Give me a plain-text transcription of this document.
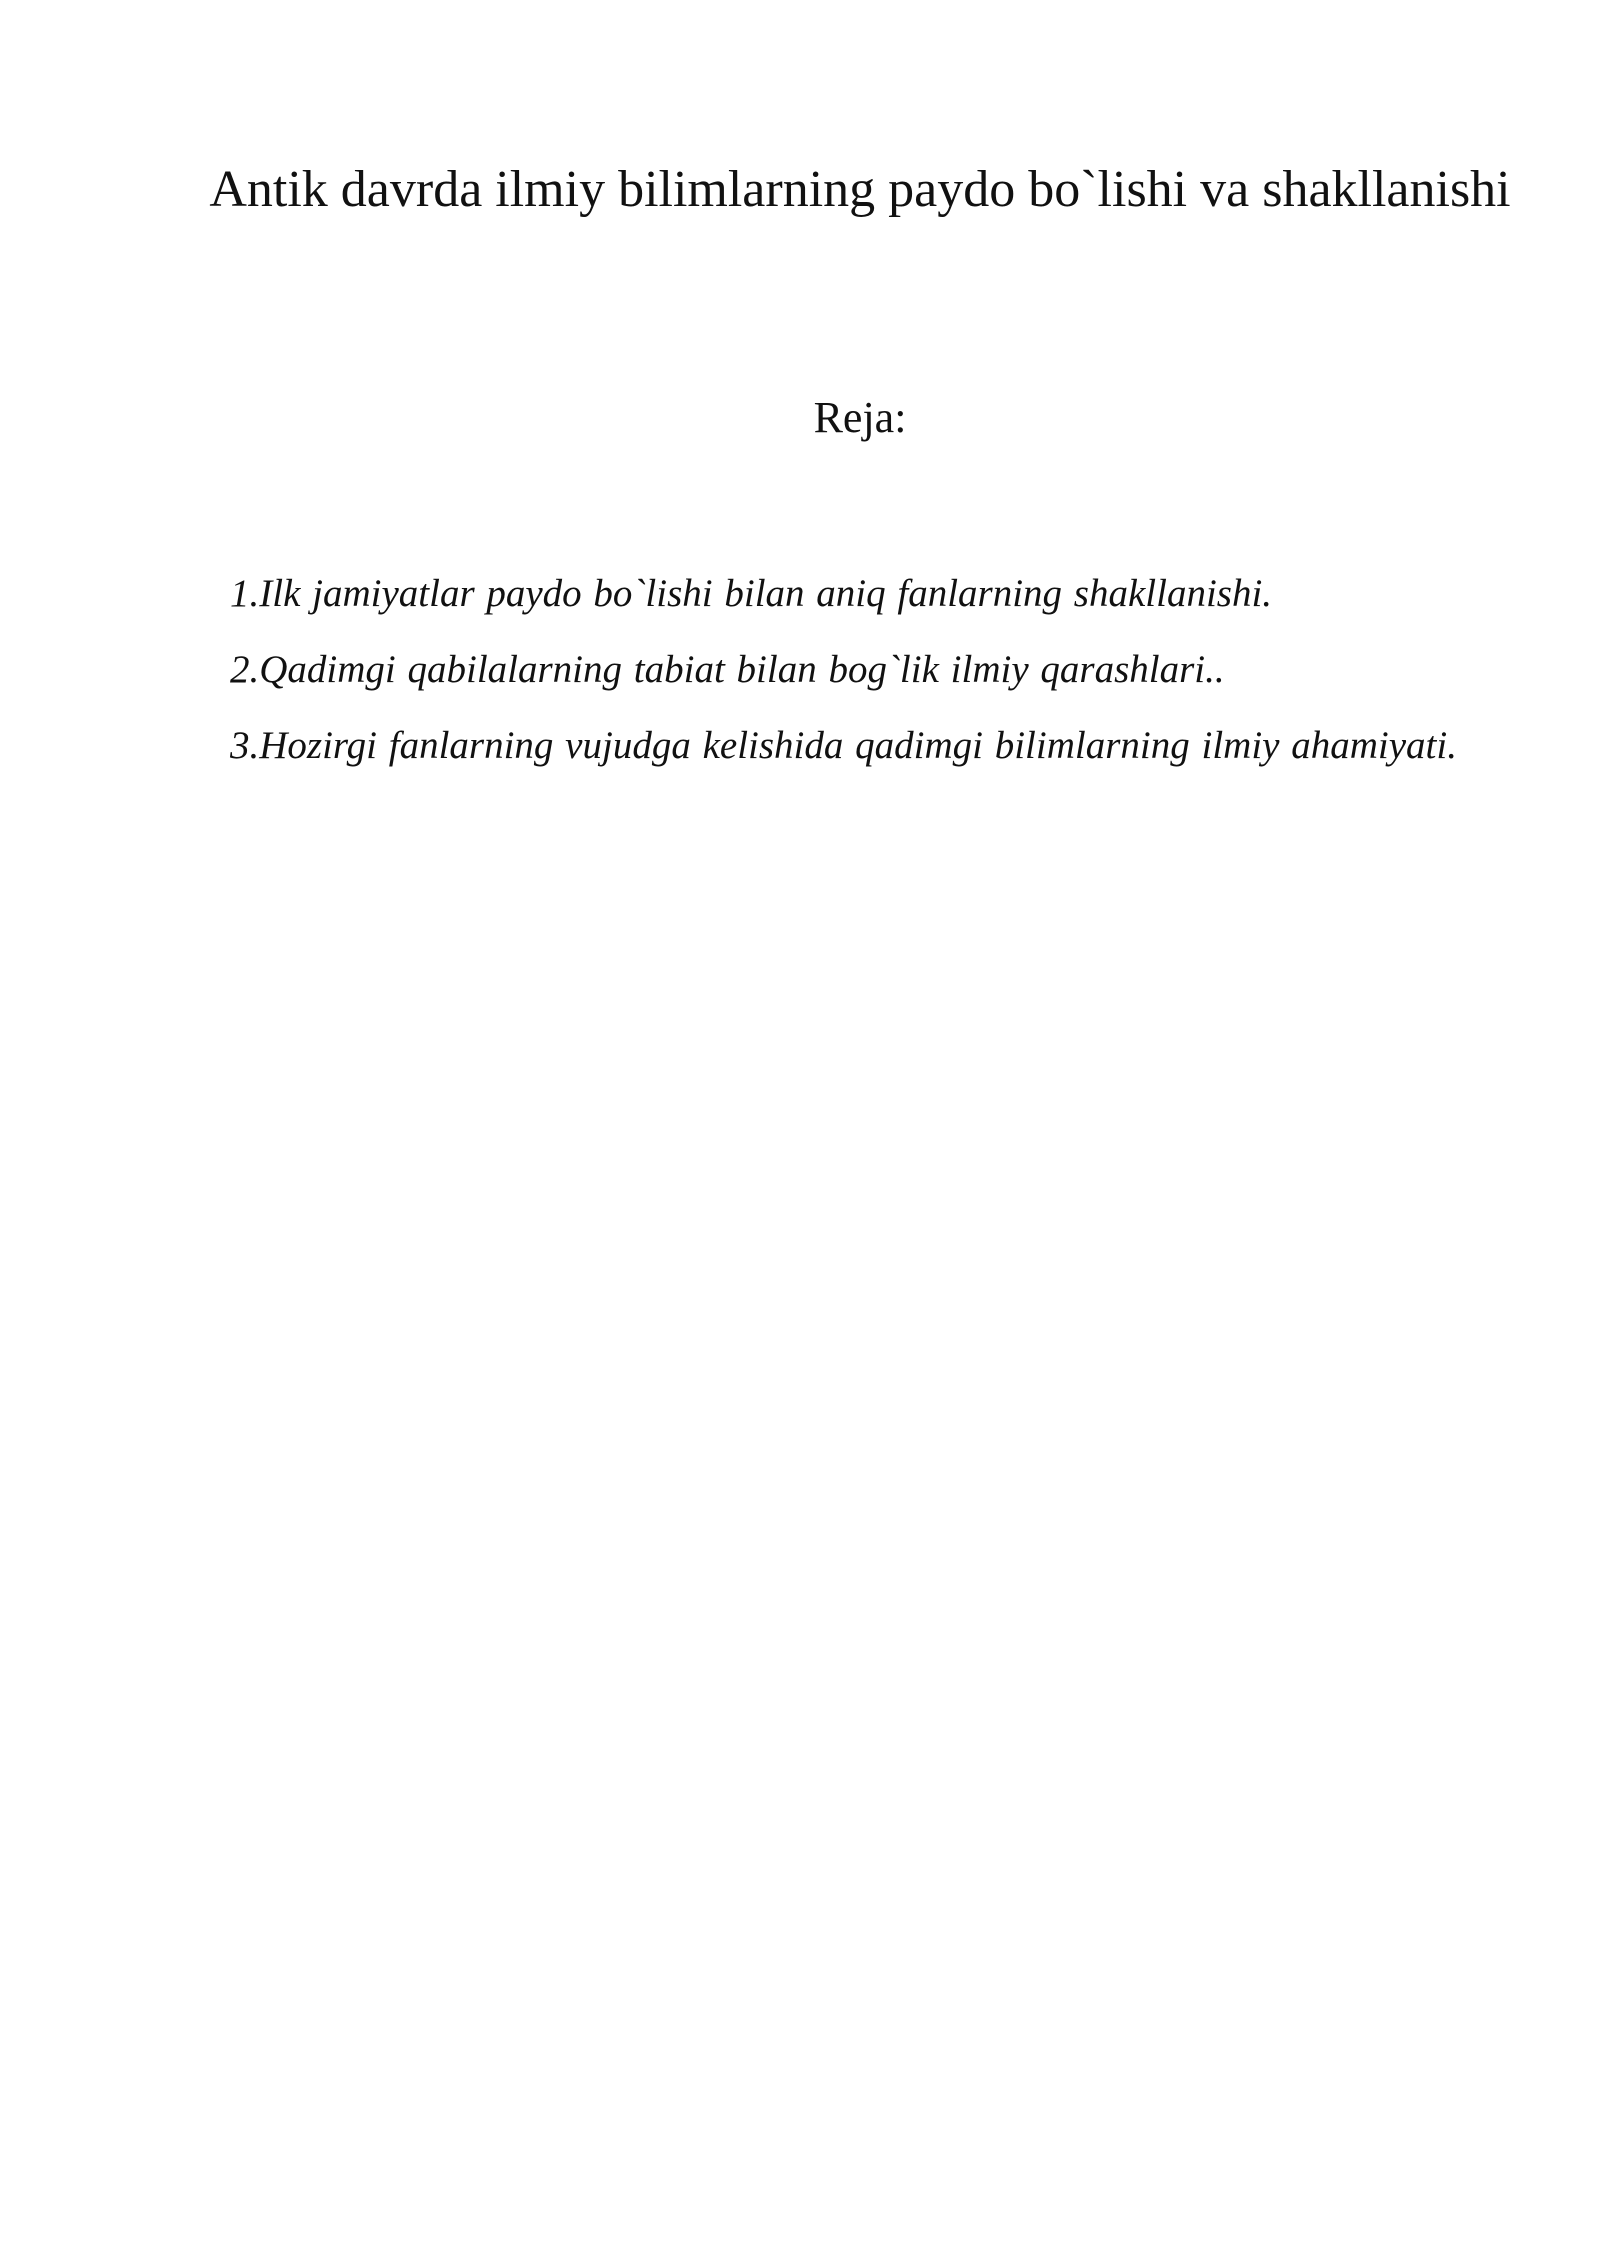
Antik davrda ilmiy bilimlarning paydo bo`lishi va shakllanishi

Reja:

1.Ilk jamiyatlar paydo bo`lishi bilan aniq fanlarning shakllanishi.
2.Qadimgi qabilalarning tabiat bilan bog`lik ilmiy qarashlari..
3.Hozirgi fanlarning vujudga kelishida qadimgi bilimlarning ilmiy ahamiyati.
